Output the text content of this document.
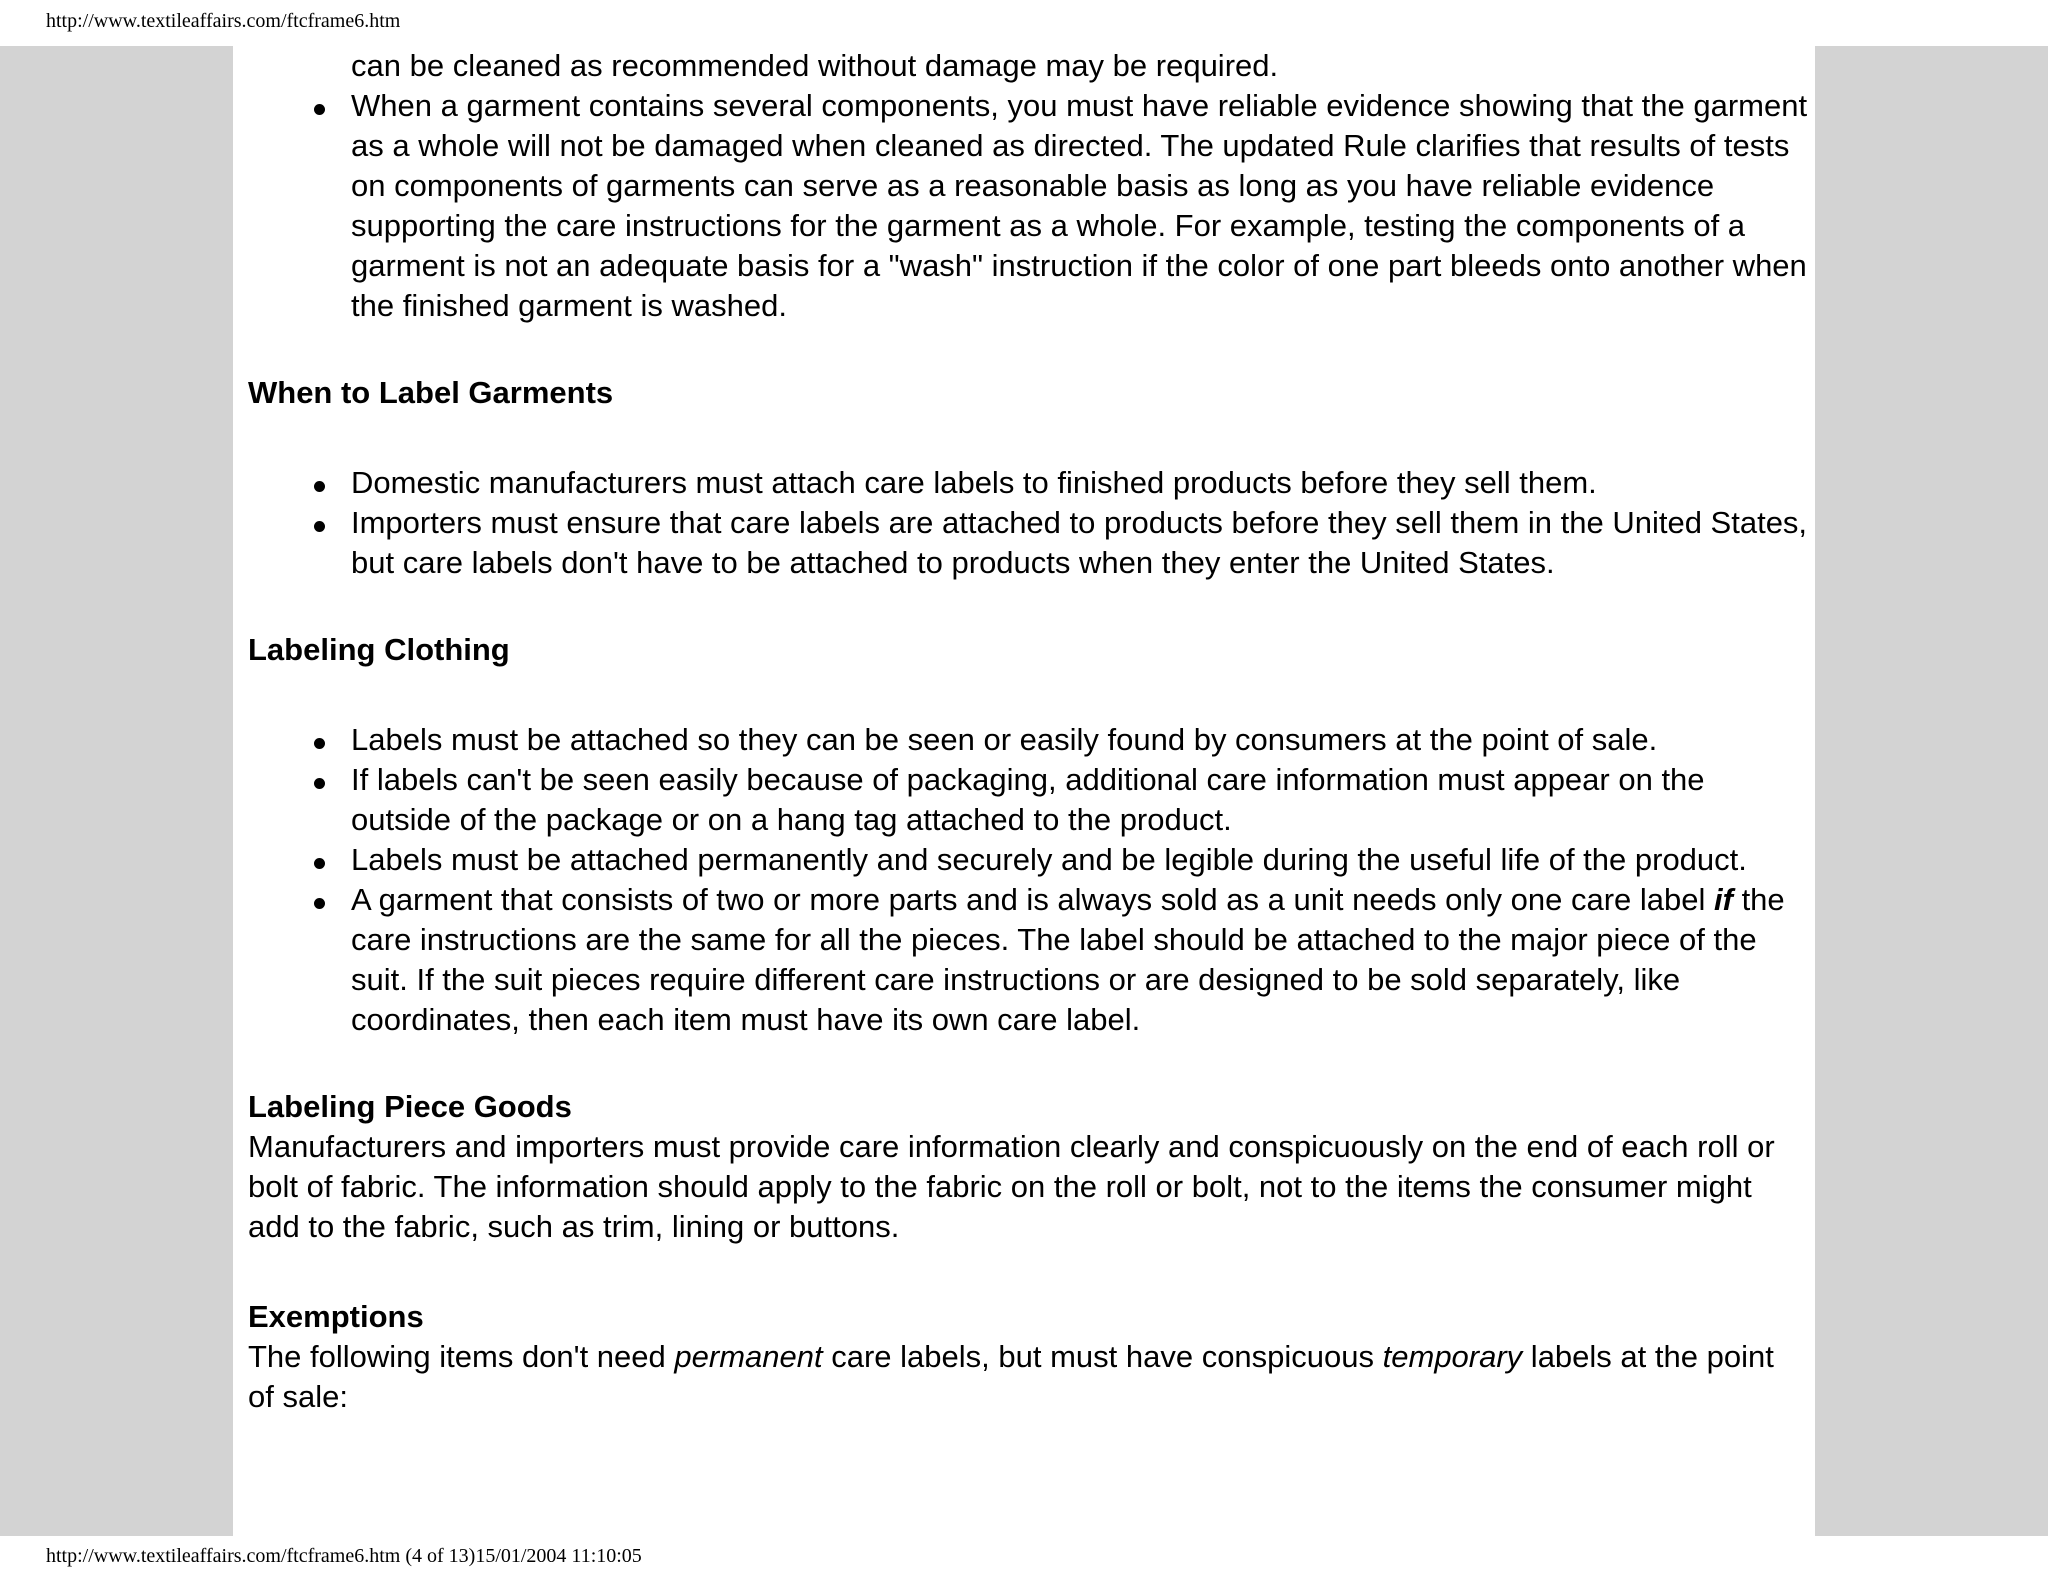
http://www.textileaffairs.com/ftcframe6.htm
can be cleaned as recommended without damage may be required.
When a garment contains several components, you must have reliable evidence showing that the garment as a whole will not be damaged when cleaned as directed. The updated Rule clarifies that results of tests on components of garments can serve as a reasonable basis as long as you have reliable evidence supporting the care instructions for the garment as a whole. For example, testing the components of a garment is not an adequate basis for a "wash" instruction if the color of one part bleeds onto another when the finished garment is washed.
When to Label Garments
Domestic manufacturers must attach care labels to finished products before they sell them.
Importers must ensure that care labels are attached to products before they sell them in the United States, but care labels don't have to be attached to products when they enter the United States.
Labeling Clothing
Labels must be attached so they can be seen or easily found by consumers at the point of sale.
If labels can't be seen easily because of packaging, additional care information must appear on the outside of the package or on a hang tag attached to the product.
Labels must be attached permanently and securely and be legible during the useful life of the product.
A garment that consists of two or more parts and is always sold as a unit needs only one care label if the care instructions are the same for all the pieces. The label should be attached to the major piece of the suit. If the suit pieces require different care instructions or are designed to be sold separately, like coordinates, then each item must have its own care label.
Labeling Piece Goods

Manufacturers and importers must provide care information clearly and conspicuously on the end of each roll or bolt of fabric. The information should apply to the fabric on the roll or bolt, not to the items the consumer might add to the fabric, such as trim, lining or buttons.

Exemptions

The following items don't need permanent care labels, but must have conspicuous temporary labels at the point of sale:

http://www.textileaffairs.com/ftcframe6.htm (4 of 13)15/01/2004 11:10:05
